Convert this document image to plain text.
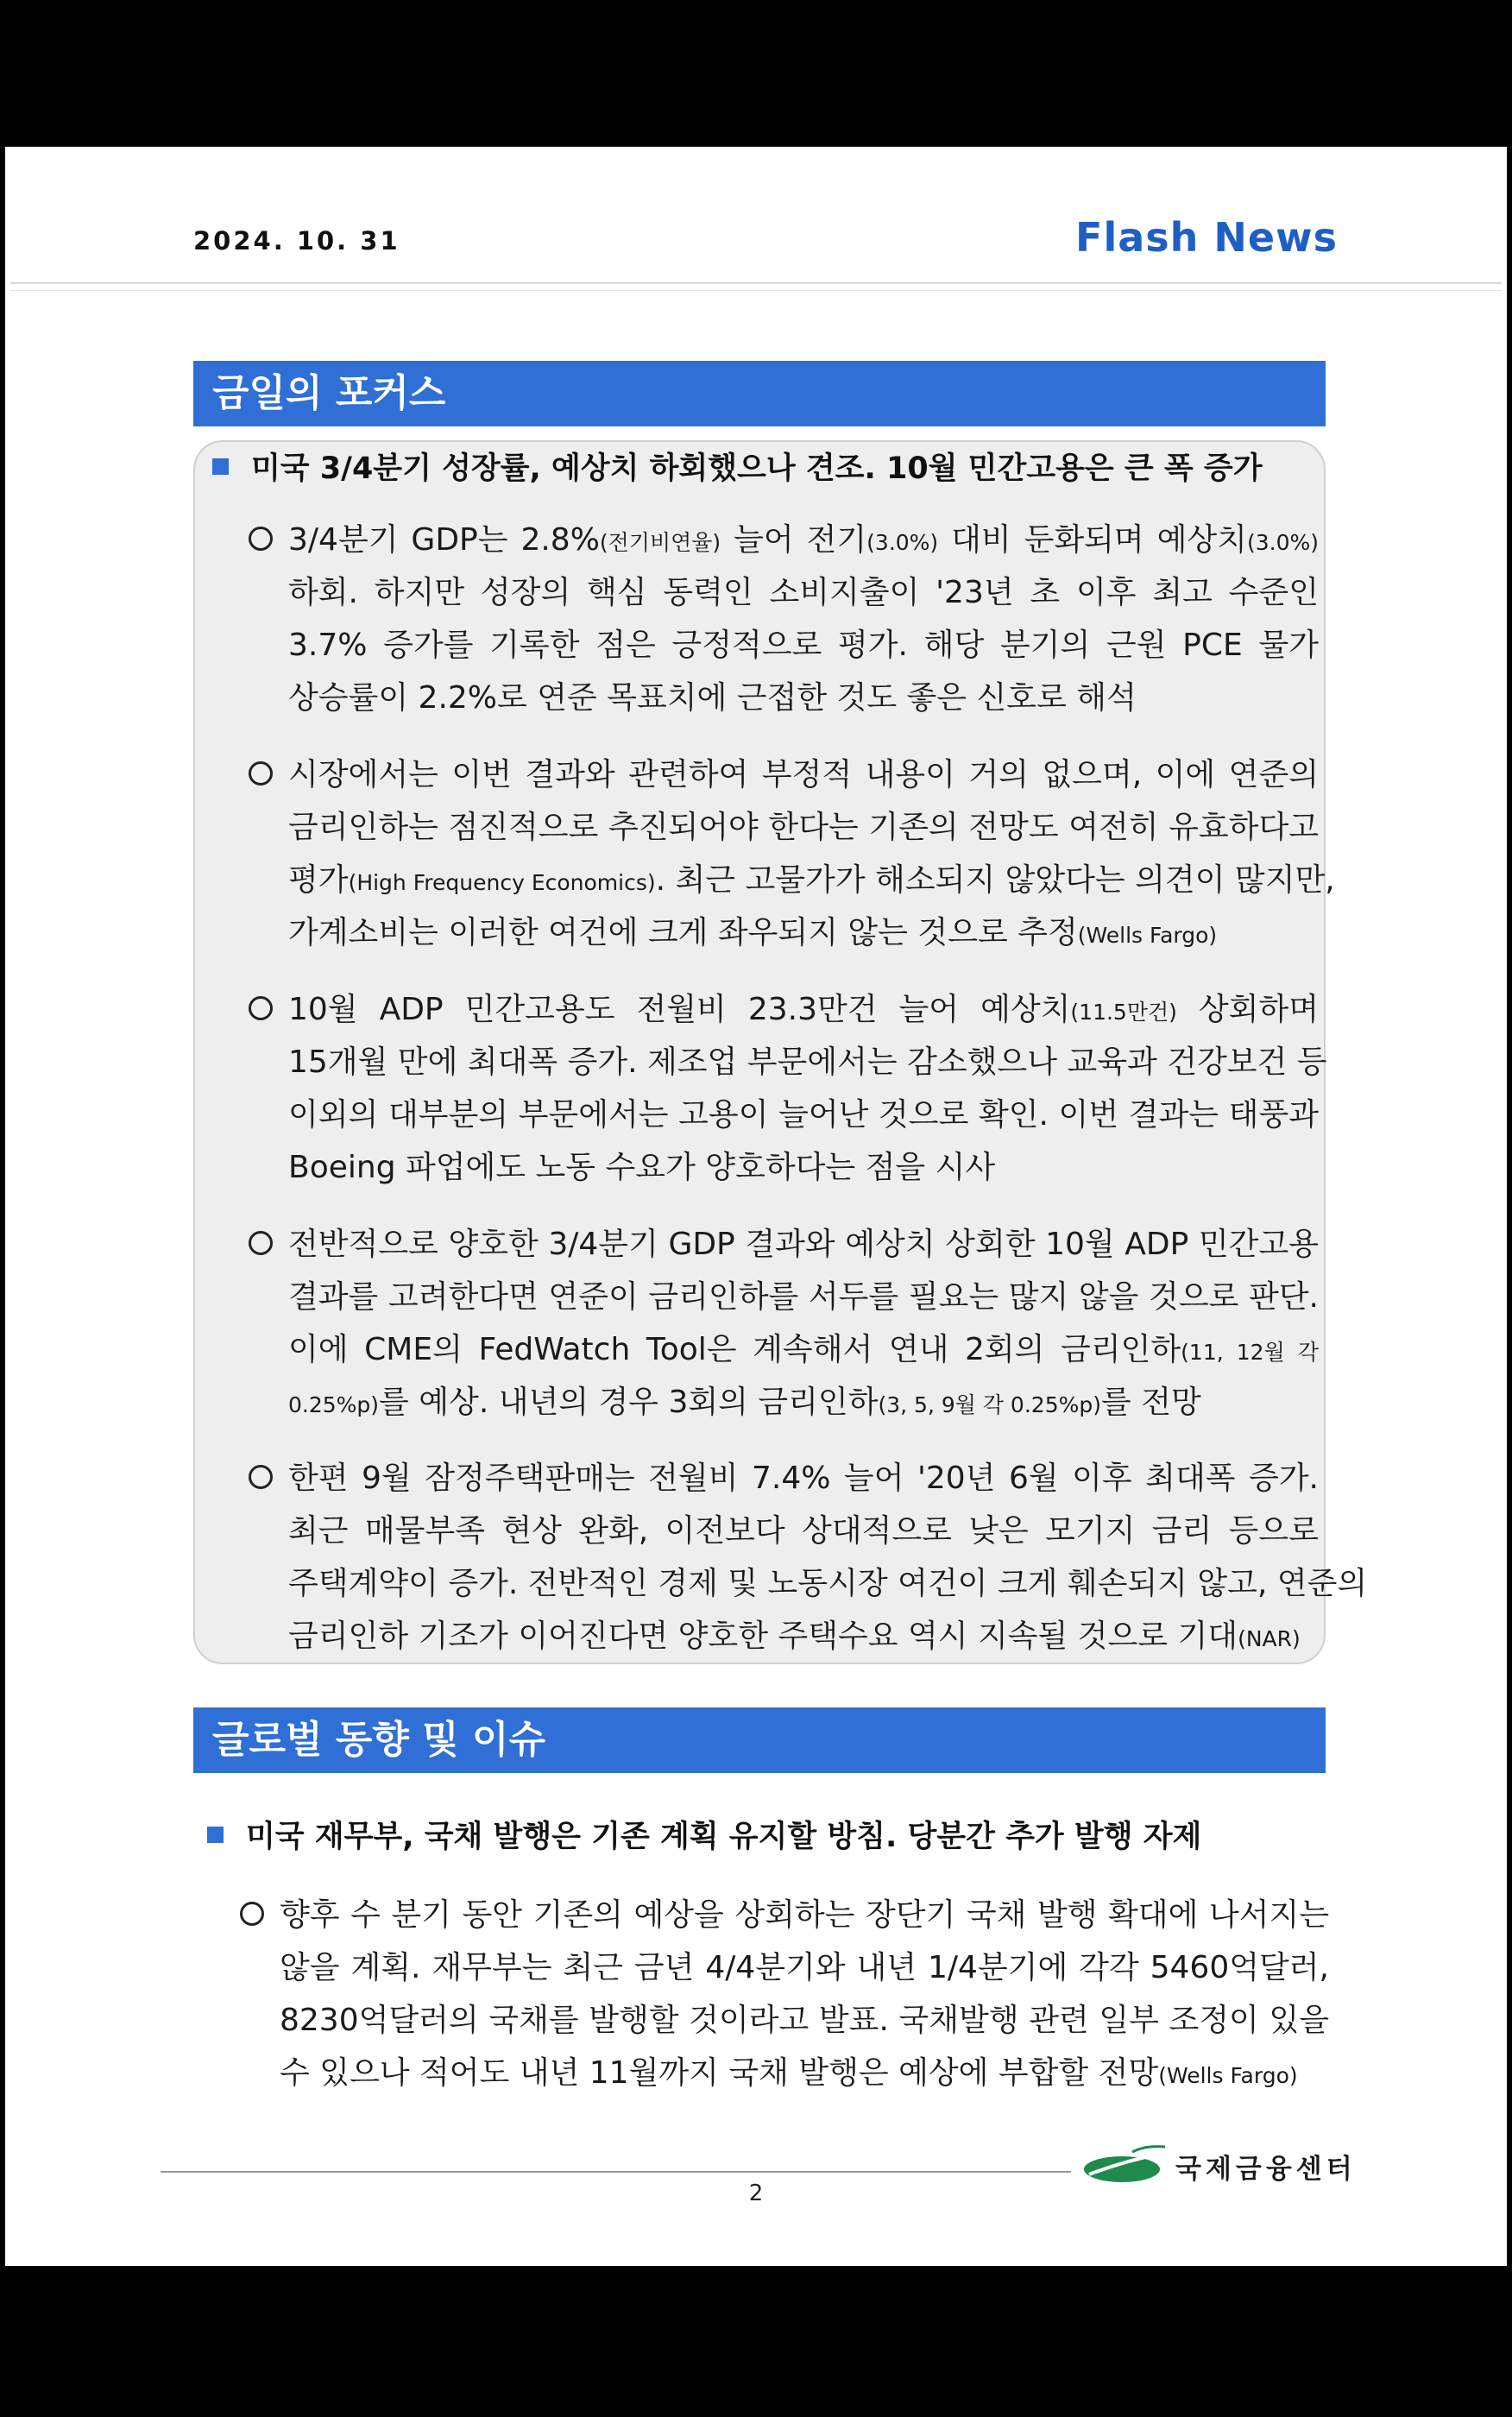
2024. 10. 31	Flash News
금일의 포커스
미국 3/4분기 성장률, 예상치 하회했으나 견조. 10월 민간고용은 큰 폭 증가
3/4분기 GDP는 2.8%(전기비연율) 늘어 전기(3.0%) 대비 둔화되며 예상치(3.0%)
하회. 하지만 성장의 핵심 동력인 소비지출이 '23년 초 이후 최고 수준인
3.7% 증가를 기록한 점은 긍정적으로 평가. 해당 분기의 근원 PCE 물가
상승률이 2.2%로 연준 목표치에 근접한 것도 좋은 신호로 해석
시장에서는 이번 결과와 관련하여 부정적 내용이 거의 없으며, 이에 연준의
금리인하는 점진적으로 추진되어야 한다는 기존의 전망도 여전히 유효하다고
평가(High Frequency Economics). 최근 고물가가 해소되지 않았다는 의견이 많지만,
가계소비는 이러한 여건에 크게 좌우되지 않는 것으로 추정(Wells Fargo)
10월 ADP 민간고용도 전월비 23.3만건 늘어 예상치(11.5만건) 상회하며
15개월 만에 최대폭 증가. 제조업 부문에서는 감소했으나 교육과 건강보건 등
이외의 대부분의 부문에서는 고용이 늘어난 것으로 확인. 이번 결과는 태풍과
Boeing 파업에도 노동 수요가 양호하다는 점을 시사
전반적으로 양호한 3/4분기 GDP 결과와 예상치 상회한 10월 ADP 민간고용
결과를 고려한다면 연준이 금리인하를 서두를 필요는 많지 않을 것으로 판단.
이에 CME의 FedWatch Tool은 계속해서 연내 2회의 금리인하(11, 12월 각
0.25%p)를 예상. 내년의 경우 3회의 금리인하(3, 5, 9월 각 0.25%p)를 전망
한편 9월 잠정주택판매는 전월비 7.4% 늘어 '20년 6월 이후 최대폭 증가.
최근 매물부족 현상 완화, 이전보다 상대적으로 낮은 모기지 금리 등으로
주택계약이 증가. 전반적인 경제 및 노동시장 여건이 크게 훼손되지 않고, 연준의
금리인하 기조가 이어진다면 양호한 주택수요 역시 지속될 것으로 기대(NAR)
글로벌 동향 및 이슈
미국 재무부, 국채 발행은 기존 계획 유지할 방침. 당분간 추가 발행 자제
향후 수 분기 동안 기존의 예상을 상회하는 장단기 국채 발행 확대에 나서지는
않을 계획. 재무부는 최근 금년 4/4분기와 내년 1/4분기에 각각 5460억달러,
8230억달러의 국채를 발행할 것이라고 발표. 국채발행 관련 일부 조정이 있을
수 있으나 적어도 내년 11월까지 국채 발행은 예상에 부합할 전망(Wells Fargo)
2
국제금융센터
